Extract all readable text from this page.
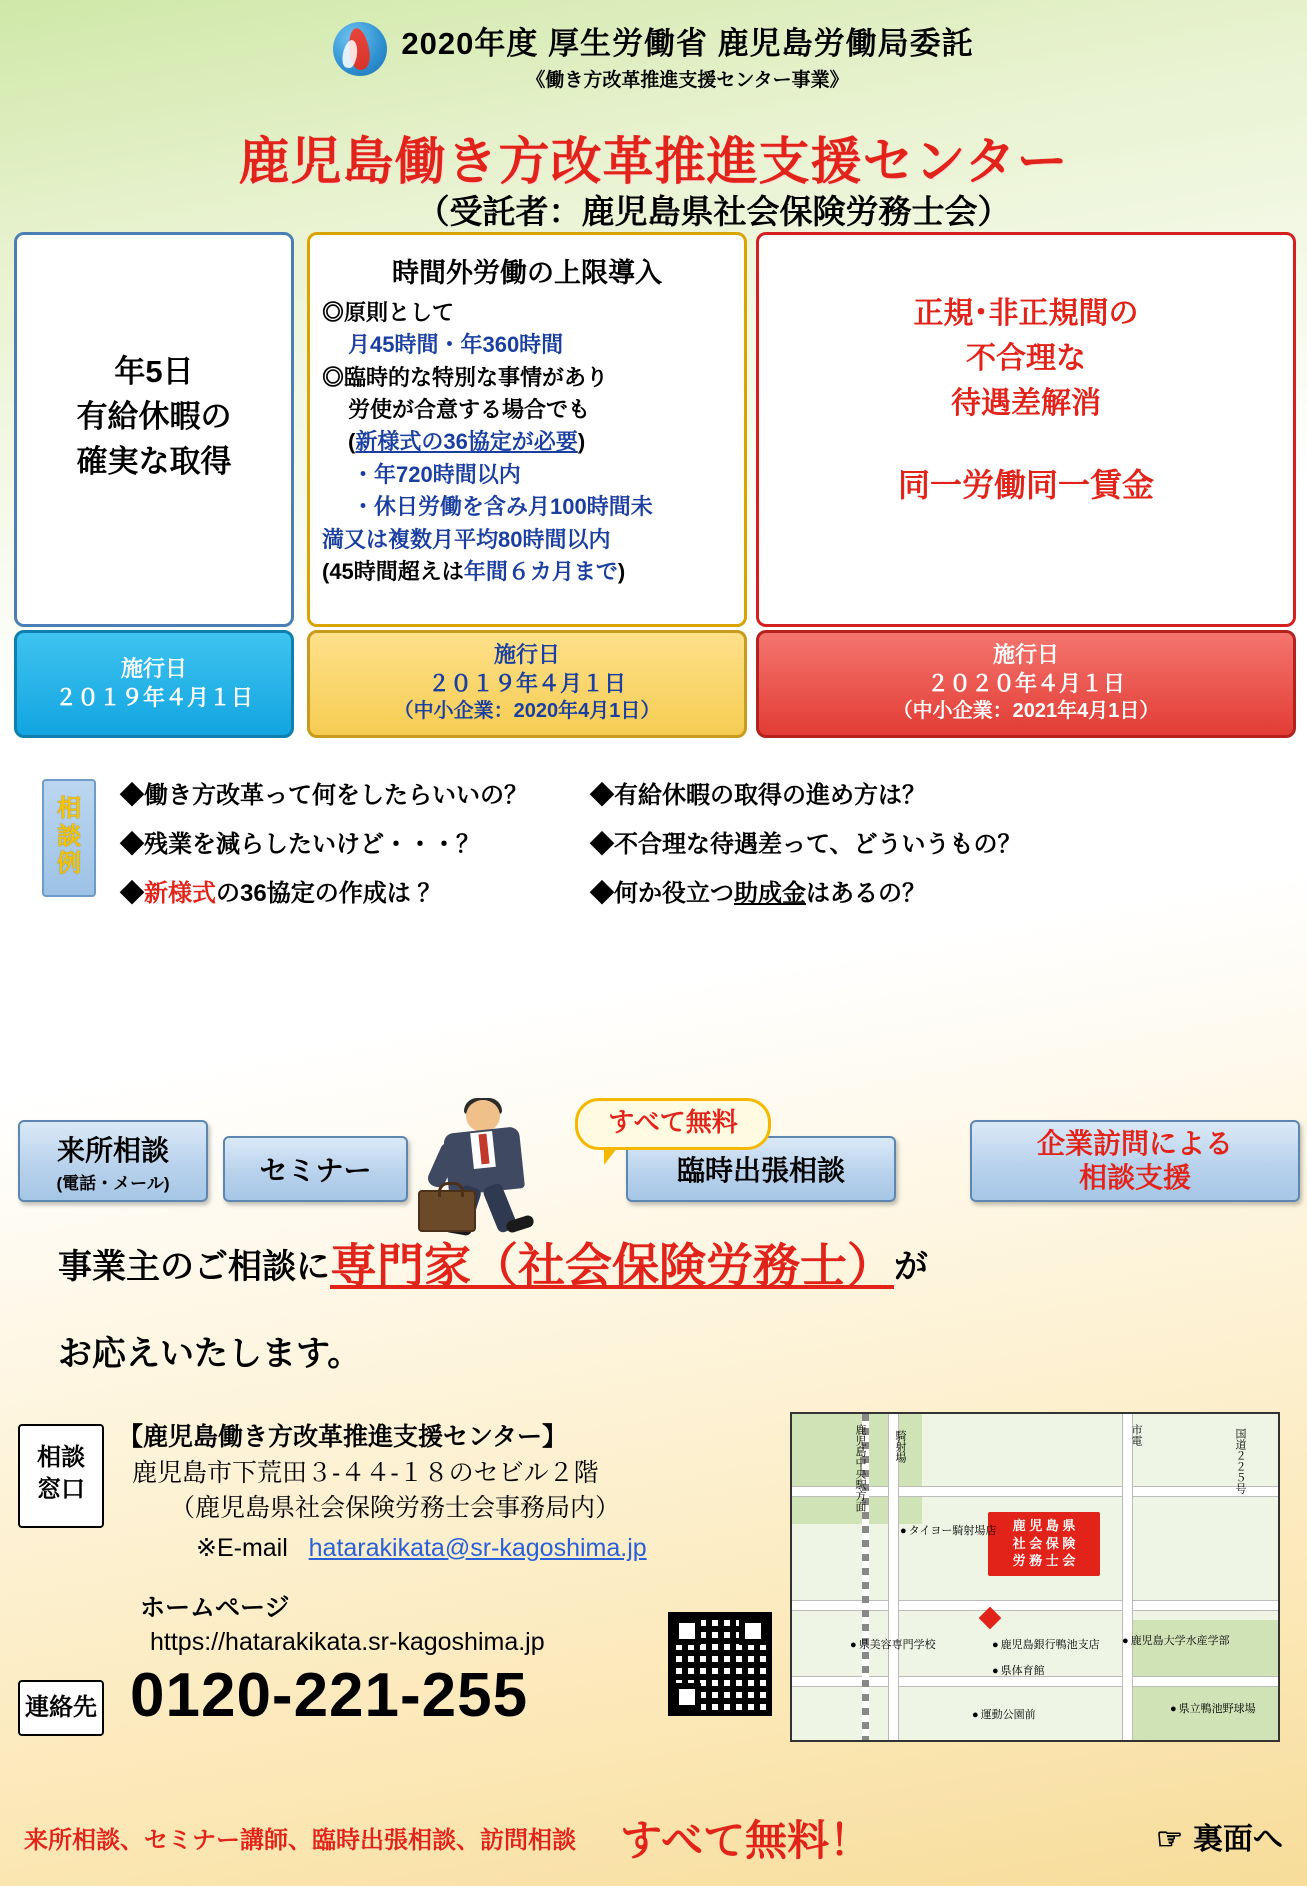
2020年度 厚生労働省 鹿児島労働局委託
《働き方改革推進支援センター事業》
鹿児島働き方改革推進支援センター
（受託者：鹿児島県社会保険労務士会）
年5日
有給休暇の
確実な取得
時間外労働の上限導入
◎原則として
月45時間・年360時間
◎臨時的な特別な事情があり
労使が合意する場合でも
(新様式の36協定が必要)
・年720時間以内
・休日労働を含み月100時間未
満又は複数月平均80時間以内
(45時間超えは年間６カ月まで)
正規･非正規間の
不合理な
待遇差解消
同一労働同一賃金
施行日
２０１９年４月１日
施行日
２０１９年４月１日
（中小企業：2020年4月1日）
施行日
２０２０年４月１日
（中小企業：2021年4月1日）
相
談
例
◆働き方改革って何をしたらいいの？	◆有給休暇の取得の進め方は？
◆残業を減らしたいけど・・・？	◆不合理な待遇差って、どういうもの？
◆新様式の36協定の作成は ？	◆何か役立つ助成金はあるの？
すべて無料
来所相談
(電話・メール)	セミナー	臨時出張相談
企業訪問による
相談支援
事業主のご相談に専門家（社会保険労務士）が
お応えいたします。
相談
窓口
連絡先
【鹿児島働き方改革推進支援センター】
鹿児島市下荒田３-４４-１８のセビル２階
（鹿児島県社会保険労務士会事務局内）
※E-mail hatarakikata@sr-kagoshima.jp
ホームページ
https://hatarakikata.sr-kagoshima.jp
0120-221-255
鹿児島中央駅方面	騎射場	市電	国道２２５号
鹿 児 島 県
社 会 保 険
労 務 士 会
● タイヨー騎射場店
● 県美容専門学校	● 鹿児島銀行鴨池支店	● 鹿児島大学水産学部
● 県体育館
● 運動公園前	● 県立鴨池野球場
来所相談、セミナー講師、臨時出張相談、訪問相談 すべて無料！	☞ 裏面へ
